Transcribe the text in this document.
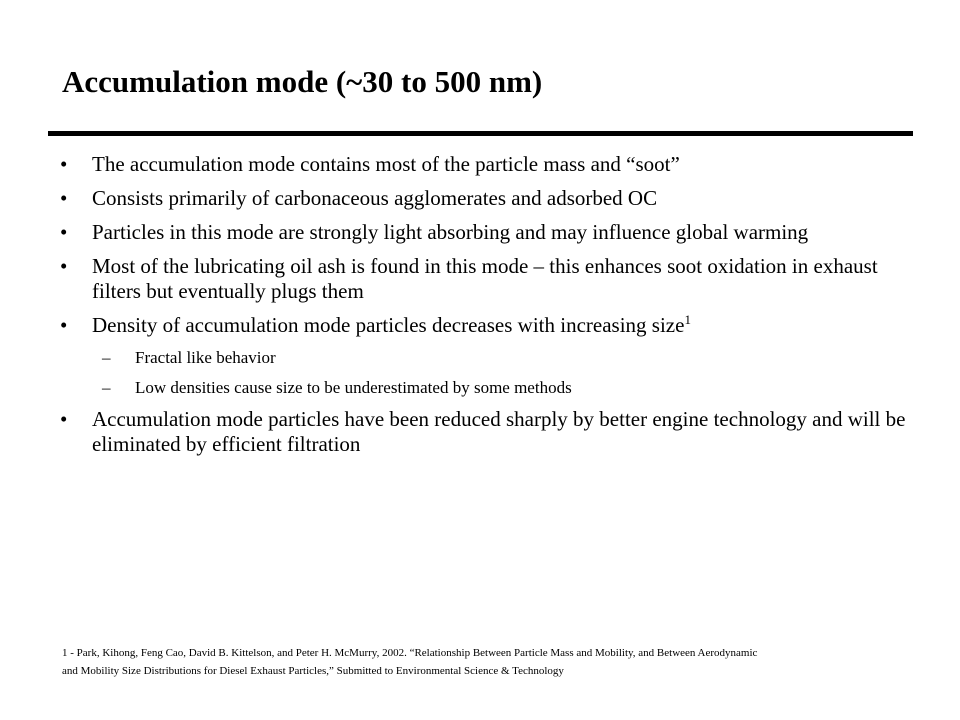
Accumulation mode (~30 to 500 nm)
• The accumulation mode contains most of the particle mass and “soot”
• Consists primarily of carbonaceous agglomerates and adsorbed OC
• Particles in this mode are strongly light absorbing and may influence global warming
• Most of the lubricating oil ash is found in this mode – this enhances soot oxidation in exhaust filters but eventually plugs them
• Density of accumulation mode particles decreases with increasing size$^1$
– Fractal like behavior
– Low densities cause size to be underestimated by some methods
• Accumulation mode particles have been reduced sharply by better engine technology and will be eliminated by efficient filtration
1 - Park, Kihong, Feng Cao, David B. Kittelson, and Peter H. McMurry, 2002. “Relationship Between Particle Mass and Mobility, and Between Aerodynamic
and Mobility Size Distributions for Diesel Exhaust Particles,” Submitted to Environmental Science & Technology
